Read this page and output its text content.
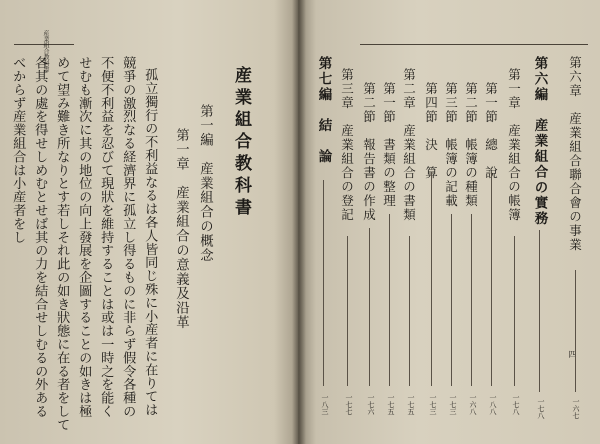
産業組合教科書
産業組合教科書
第一編　産業組合の概念
第一章　産業組合の意義及沿革
孤立獨行の不利益なるは各人皆同じ殊に小産者に在りては
競爭の激烈なる経濟界に孤立し得るものに非らず假令各種の
不便不利益を忍びて現狀を維持することは或は一時之を能く
せむも漸次に其の地位の向上發展を企圖することの如きは極
めて望み難き所なりとす若しそれ此の如き狀態に在る者をして
各其の處を得せしめむとせば其の力を結合せしむるの外ある
べからず産業組合は小産者をし
四
第六章　産業組合聯合會の事業
一六七
第六編　産業組合の實務
一七八
第一章　産業組合の帳簿
一七八
第一節　總　說
一八八
第二節　帳簿の種類
一六八
第三節　帳簿の記載
一七三
第四節　決　算
一七三
第二章　産業組合の書類
一七五
第一節　書類の整理
一七五
第二節　報告書の作成
一七六
第三章　産業組合の登記
一七七
第七編　結　論
一八三
